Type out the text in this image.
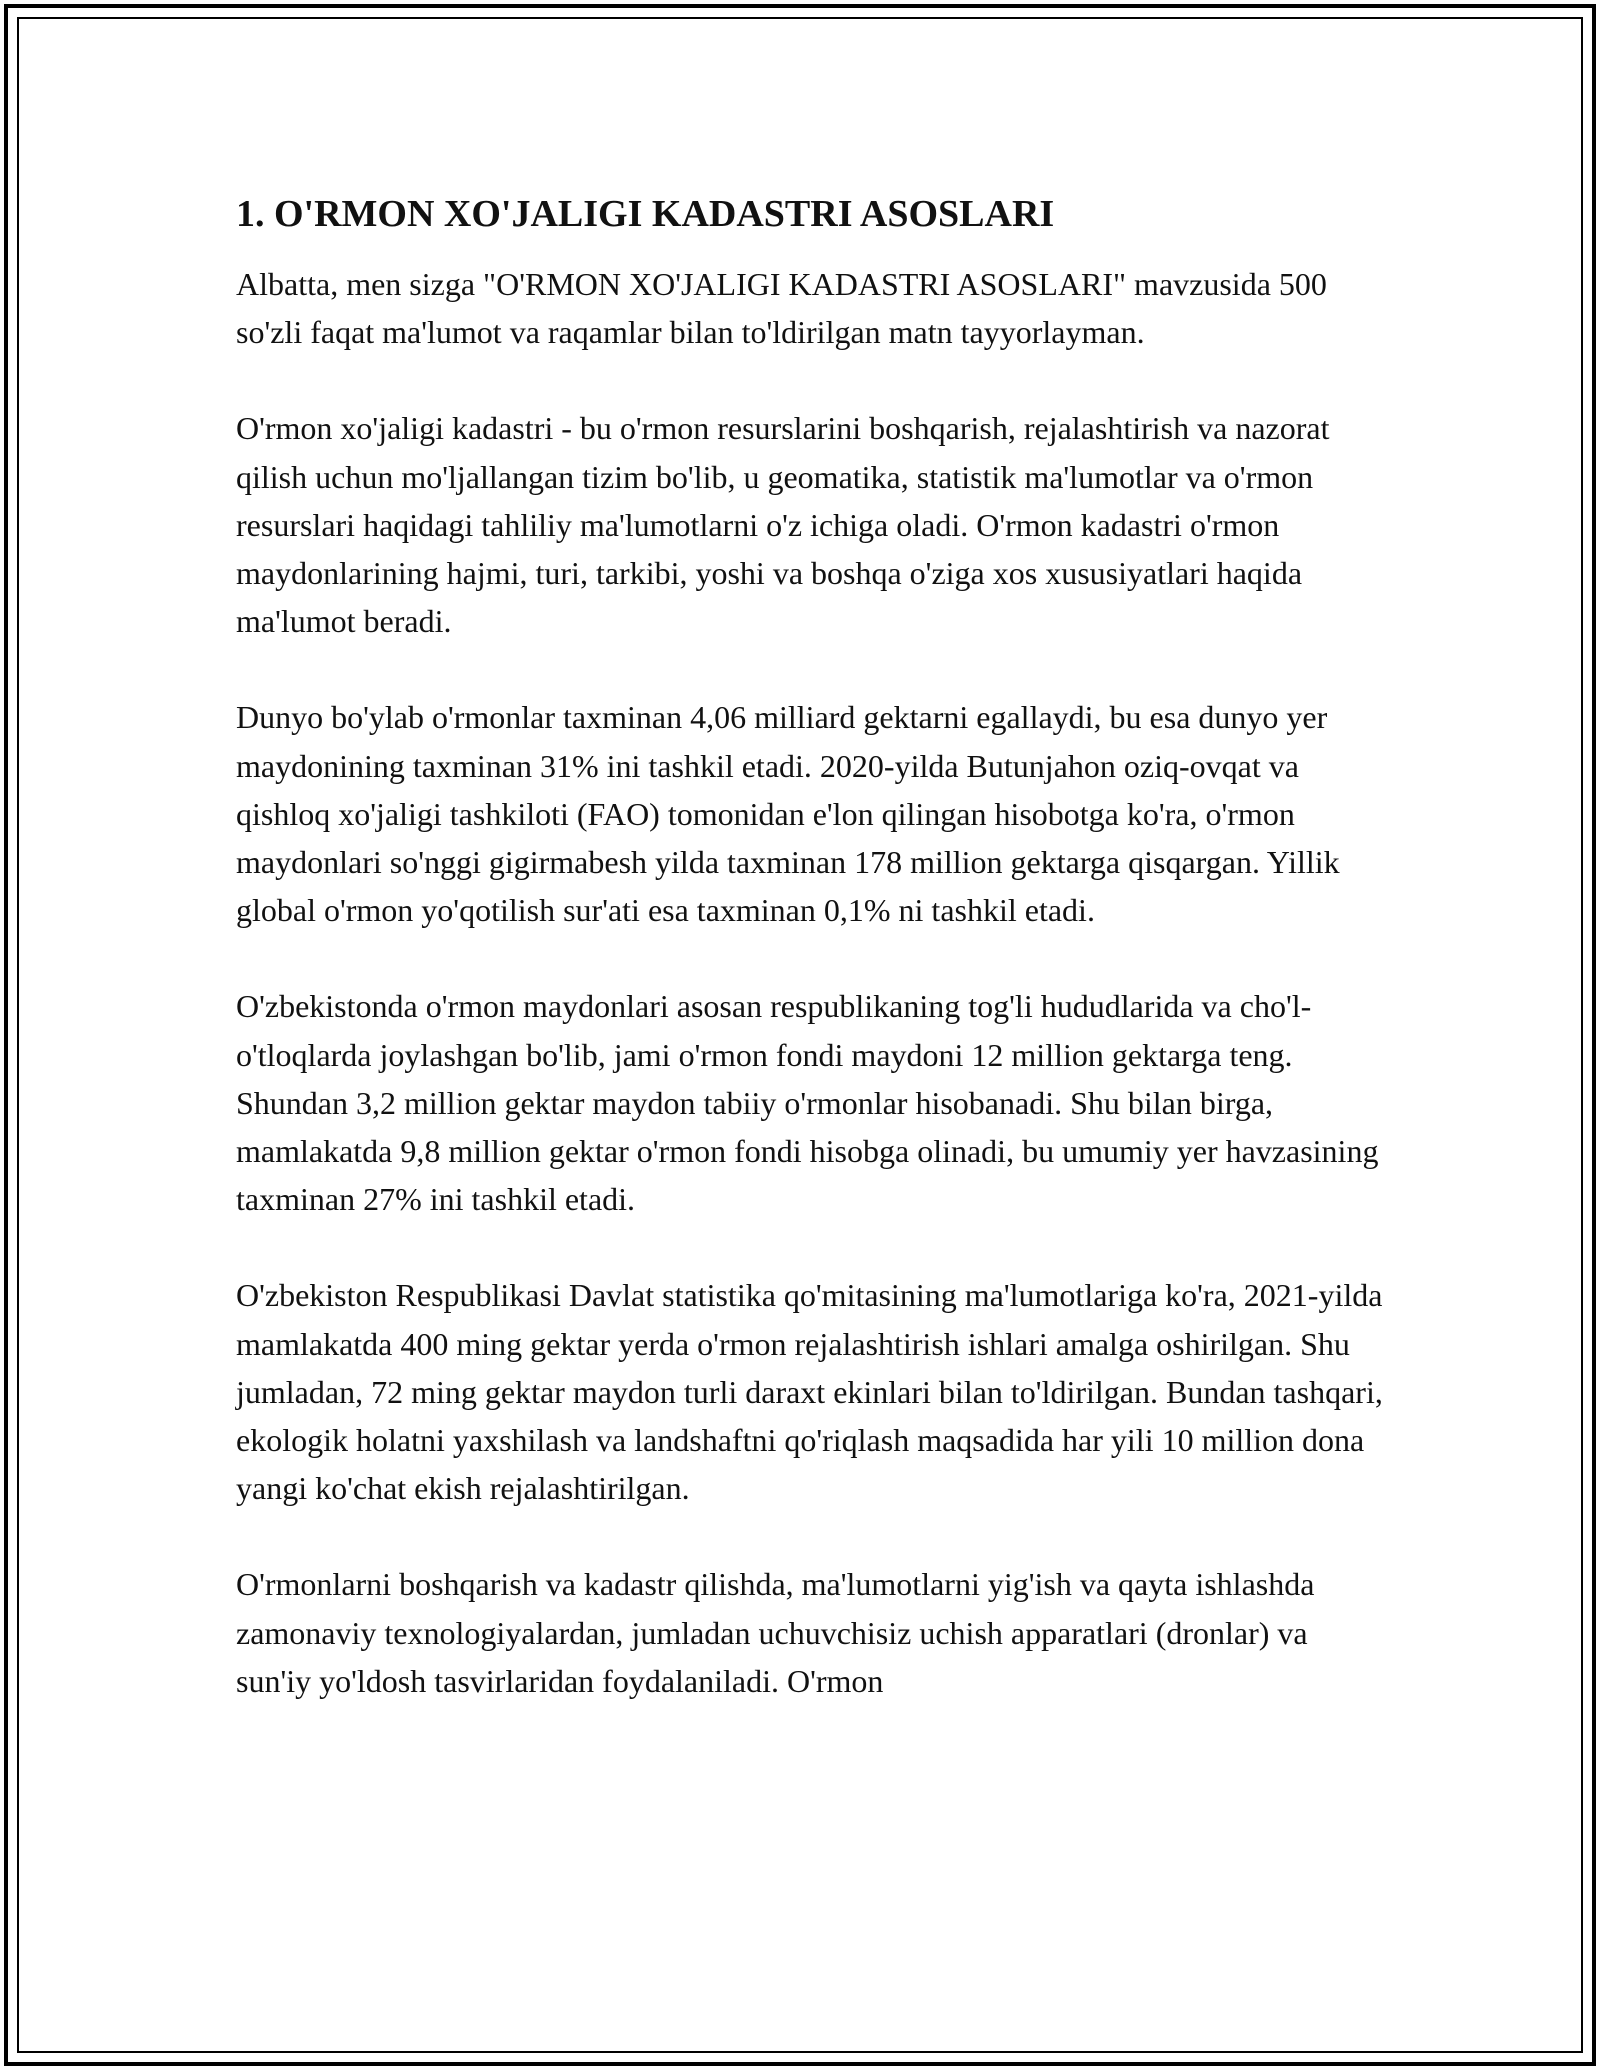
1. O'RMON XO'JALIGI KADASTRI ASOSLARI

Albatta, men sizga "O'RMON XO'JALIGI KADASTRI ASOSLARI" mavzusida 500 so'zli faqat ma'lumot va raqamlar bilan to'ldirilgan matn tayyorlayman.

O'rmon xo'jaligi kadastri - bu o'rmon resurslarini boshqarish, rejalashtirish va nazorat qilish uchun mo'ljallangan tizim bo'lib, u geomatika, statistik ma'lumotlar va o'rmon resurslari haqidagi tahliliy ma'lumotlarni o'z ichiga oladi. O'rmon kadastri o'rmon maydonlarining hajmi, turi, tarkibi, yoshi va boshqa o'ziga xos xususiyatlari haqida ma'lumot beradi.

Dunyo bo'ylab o'rmonlar taxminan 4,06 milliard gektarni egallaydi, bu esa dunyo yer maydonining taxminan 31% ini tashkil etadi. 2020-yilda Butunjahon oziq-ovqat va qishloq xo'jaligi tashkiloti (FAO) tomonidan e'lon qilingan hisobotga ko'ra, o'rmon maydonlari so'nggi gigirmabesh yilda taxminan 178 million gektarga qisqargan. Yillik global o'rmon yo'qotilish sur'ati esa taxminan 0,1% ni tashkil etadi.

O'zbekistonda o'rmon maydonlari asosan respublikaning tog'li hududlarida va cho'l-o'tloqlarda joylashgan bo'lib, jami o'rmon fondi maydoni 12 million gektarga teng. Shundan 3,2 million gektar maydon tabiiy o'rmonlar hisobanadi. Shu bilan birga, mamlakatda 9,8 million gektar o'rmon fondi hisobga olinadi, bu umumiy yer havzasining taxminan 27% ini tashkil etadi.

O'zbekiston Respublikasi Davlat statistika qo'mitasining ma'lumotlariga ko'ra, 2021-yilda mamlakatda 400 ming gektar yerda o'rmon rejalashtirish ishlari amalga oshirilgan. Shu jumladan, 72 ming gektar maydon turli daraxt ekinlari bilan to'ldirilgan. Bundan tashqari, ekologik holatni yaxshilash va landshaftni qo'riqlash maqsadida har yili 10 million dona yangi ko'chat ekish rejalashtirilgan.

O'rmonlarni boshqarish va kadastr qilishda, ma'lumotlarni yig'ish va qayta ishlashda zamonaviy texnologiyalardan, jumladan uchuvchisiz uchish apparatlari (dronlar) va sun'iy yo'ldosh tasvirlaridan foydalaniladi. O'rmon
